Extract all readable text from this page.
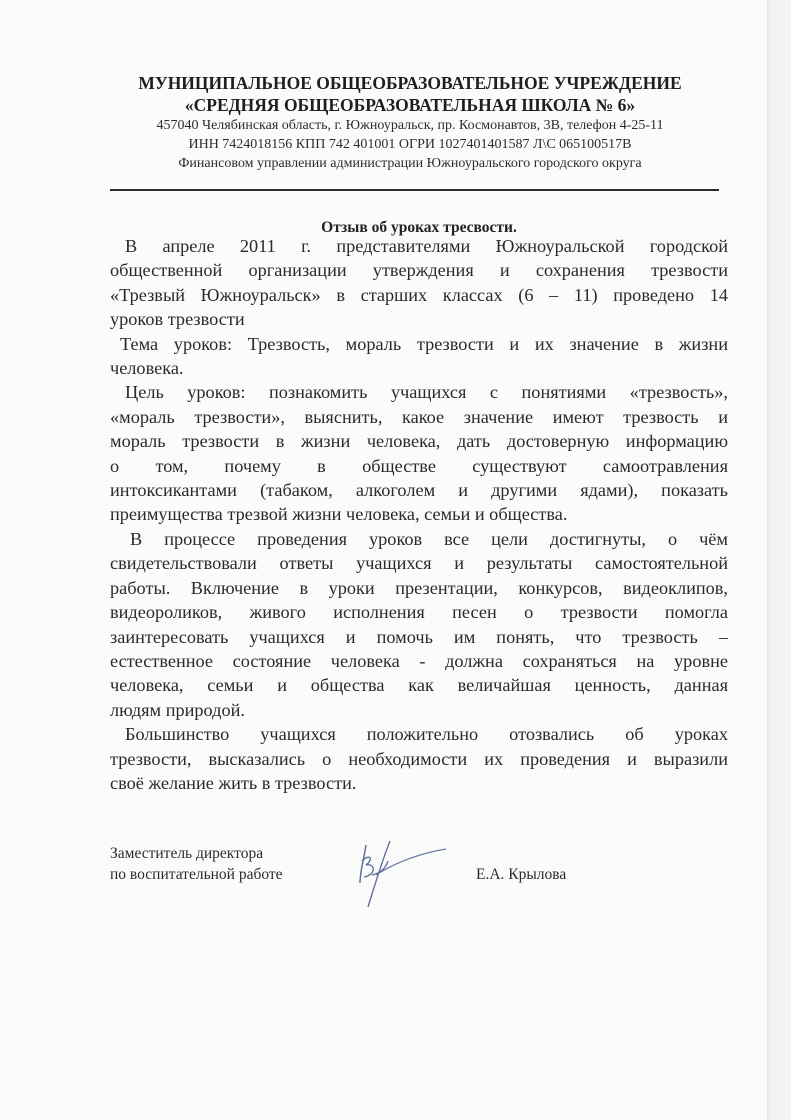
МУНИЦИПАЛЬНОЕ ОБЩЕОБРАЗОВАТЕЛЬНОЕ УЧРЕЖДЕНИЕ
«СРЕДНЯЯ ОБЩЕОБРАЗОВАТЕЛЬНАЯ ШКОЛА № 6»
457040 Челябинская область, г. Южноуральск, пр. Космонавтов, 3В, телефон 4-25-11
ИНН 7424018156 КПП 742 401001 ОГРИ 1027401401587 Л\С 065100517В
Финансовом управлении администрации Южноуральского городского округа
Отзыв об уроках тресвости.
В апреле 2011 г. представителями Южноуральской городской
общественной организации утверждения и сохранения трезвости
«Трезвый Южноуральск» в старших классах (6 – 11) проведено 14
уроков трезвости
Тема уроков: Трезвость, мораль трезвости и их значение в жизни
человека.
Цель уроков: познакомить учащихся с понятиями «трезвость»,
«мораль трезвости», выяснить, какое значение имеют трезвость и
мораль трезвости в жизни человека, дать достоверную информацию
о том, почему в обществе существуют самоотравления
интоксикантами (табаком, алкоголем и другими ядами), показать
преимущества трезвой жизни человека, семьи и общества.
В процессе проведения уроков все цели достигнуты, о чём
свидетельствовали ответы учащихся и результаты самостоятельной
работы. Включение в уроки презентации, конкурсов, видеоклипов,
видеороликов, живого исполнения песен о трезвости помогла
заинтересовать учащихся и помочь им понять, что трезвость –
естественное состояние человека - должна сохраняться на уровне
человека, семьи и общества как величайшая ценность, данная
людям природой.
Большинство учащихся положительно отозвались об уроках
трезвости, высказались о необходимости их проведения и выразили
своё желание жить в трезвости.
Заместитель директора
по воспитательной работе	Е.А. Крылова
